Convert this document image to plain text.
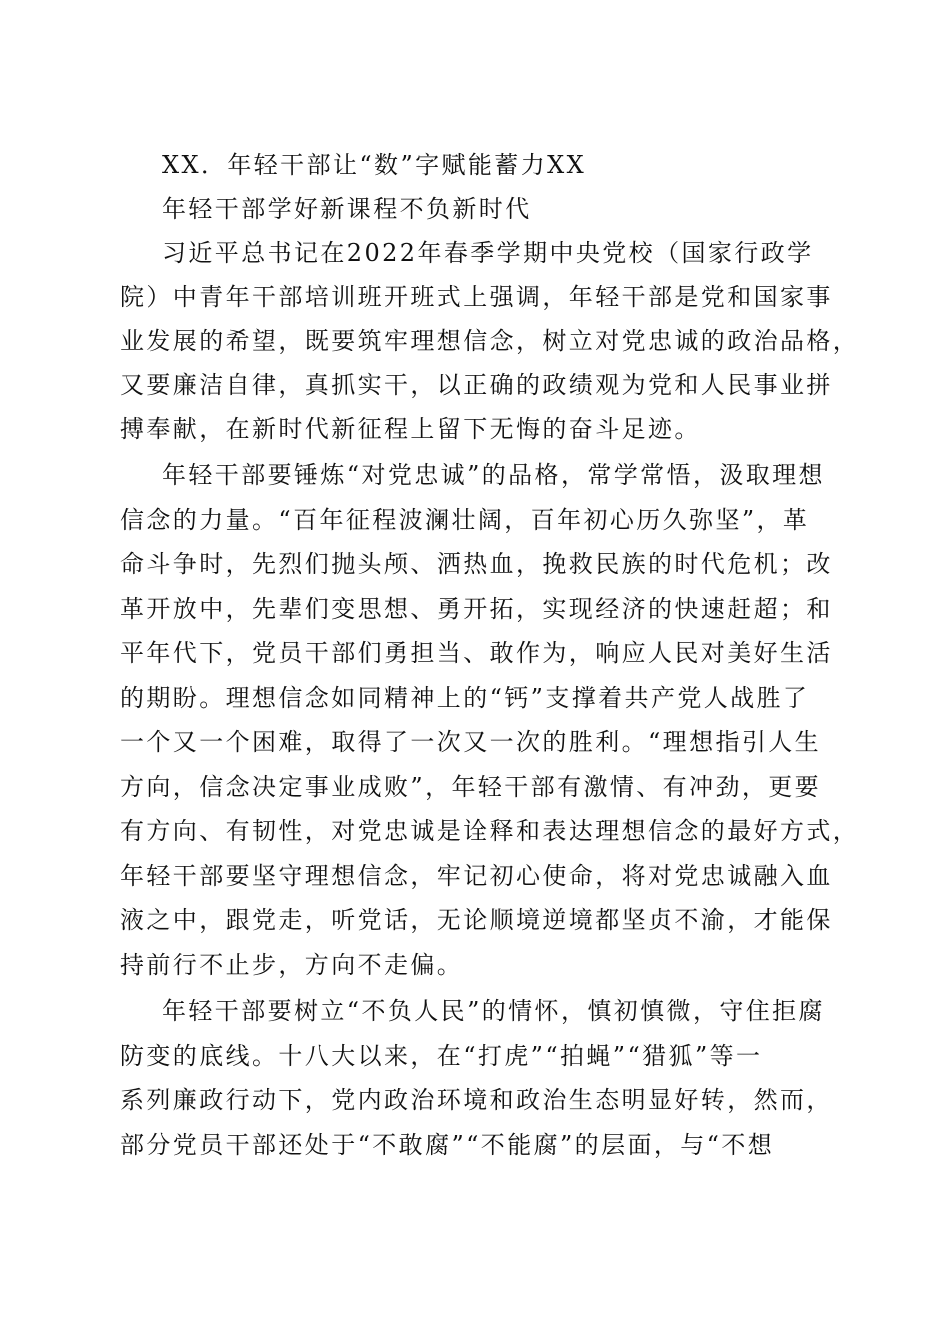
XX．年轻干部让“数”字赋能蓄力XX
年轻干部学好新课程不负新时代
习近平总书记在2022年春季学期中央党校（国家行政学
院）中青年干部培训班开班式上强调，年轻干部是党和国家事
业发展的希望，既要筑牢理想信念，树立对党忠诚的政治品格，
又要廉洁自律，真抓实干，以正确的政绩观为党和人民事业拼
搏奉献，在新时代新征程上留下无悔的奋斗足迹。
年轻干部要锤炼“对党忠诚”的品格，常学常悟，汲取理想
信念的力量。“百年征程波澜壮阔，百年初心历久弥坚”，革
命斗争时，先烈们抛头颅、洒热血，挽救民族的时代危机；改
革开放中，先辈们变思想、勇开拓，实现经济的快速赶超；和
平年代下，党员干部们勇担当、敢作为，响应人民对美好生活
的期盼。理想信念如同精神上的“钙”支撑着共产党人战胜了
一个又一个困难，取得了一次又一次的胜利。“理想指引人生
方向，信念决定事业成败”，年轻干部有激情、有冲劲，更要
有方向、有韧性，对党忠诚是诠释和表达理想信念的最好方式，
年轻干部要坚守理想信念，牢记初心使命，将对党忠诚融入血
液之中，跟党走，听党话，无论顺境逆境都坚贞不渝，才能保
持前行不止步，方向不走偏。
年轻干部要树立“不负人民”的情怀，慎初慎微，守住拒腐
防变的底线。十八大以来，在“打虎”“拍蝇”“猎狐”等一
系列廉政行动下，党内政治环境和政治生态明显好转，然而，
部分党员干部还处于“不敢腐”“不能腐”的层面，与“不想
